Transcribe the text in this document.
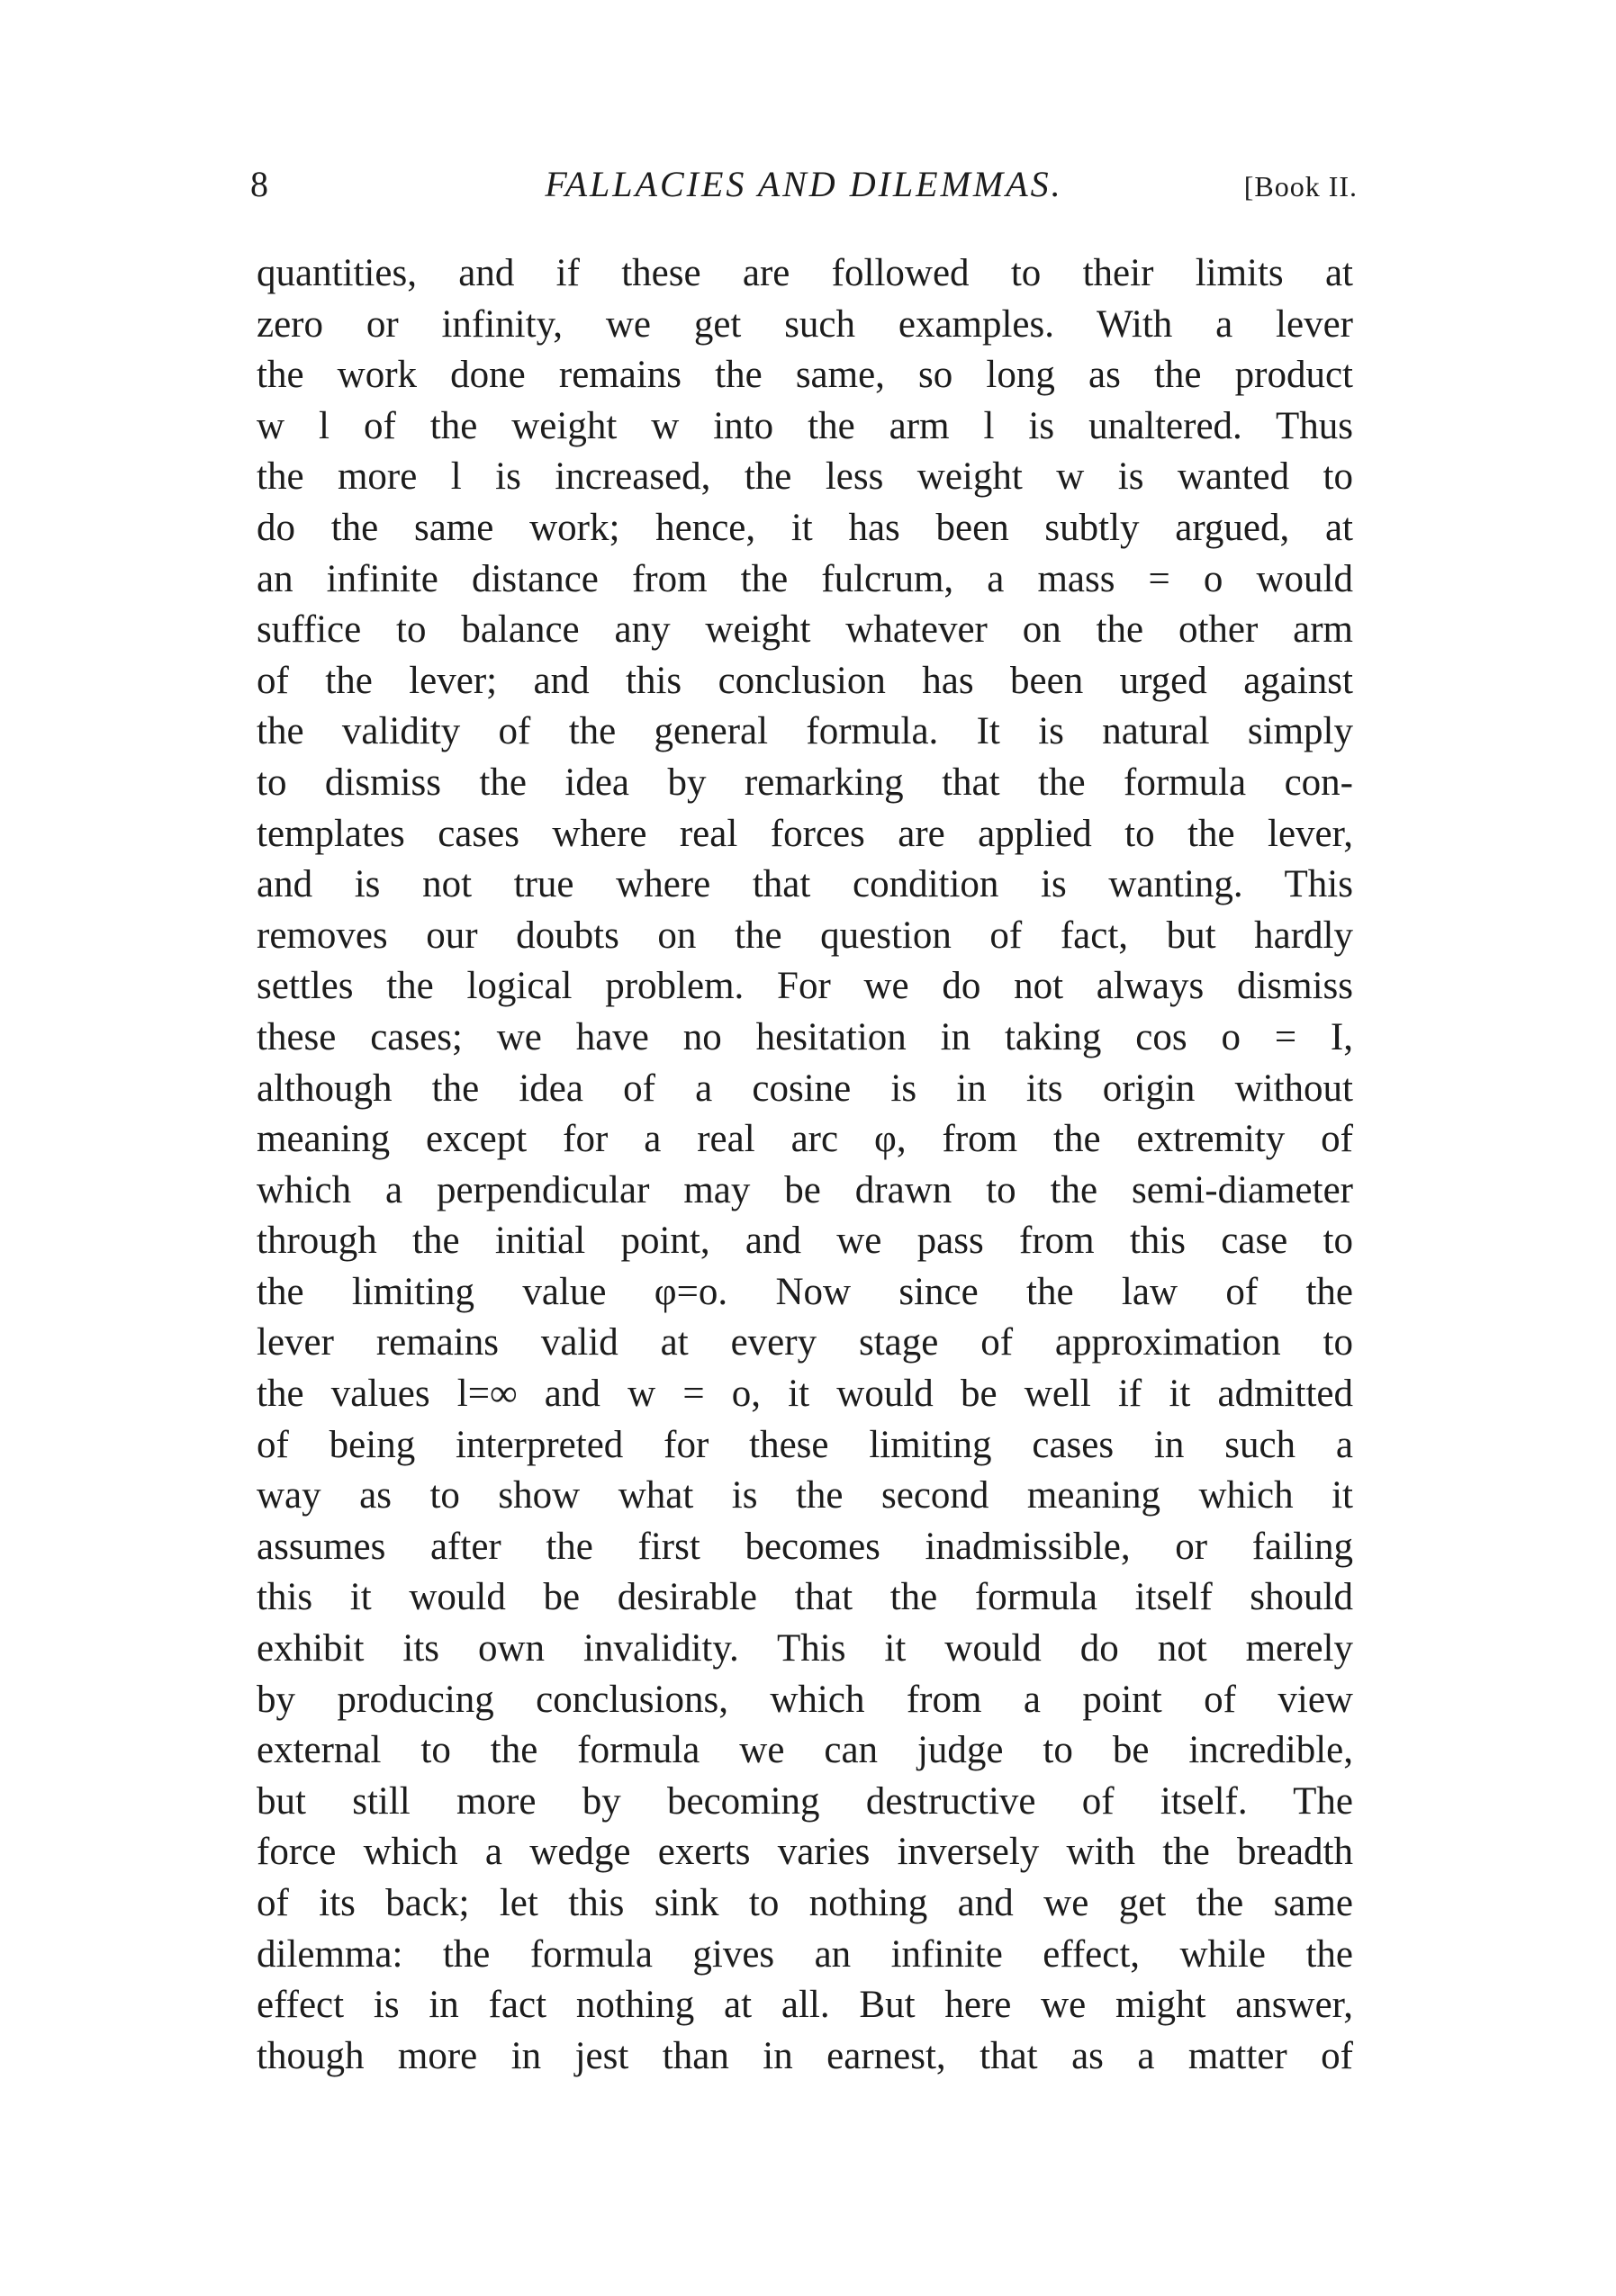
8	FALLACIES AND DILEMMAS.	[Book II.
quantities, and if these are followed to their limits at
zero or infinity, we get such examples. With a lever
the work done remains the same, so long as the product
w l of the weight w into the arm l is unaltered. Thus
the more l is increased, the less weight w is wanted to
do the same work; hence, it has been subtly argued, at
an infinite distance from the fulcrum, a mass = o would
suffice to balance any weight whatever on the other arm
of the lever; and this conclusion has been urged against
the validity of the general formula. It is natural simply
to dismiss the idea by remarking that the formula con-
templates cases where real forces are applied to the lever,
and is not true where that condition is wanting. This
removes our doubts on the question of fact, but hardly
settles the logical problem. For we do not always dismiss
these cases; we have no hesitation in taking cos o = I,
although the idea of a cosine is in its origin without
meaning except for a real arc φ, from the extremity of
which a perpendicular may be drawn to the semi-diameter
through the initial point, and we pass from this case to
the limiting value φ=o. Now since the law of the
lever remains valid at every stage of approximation to
the values l=∞ and w = o, it would be well if it admitted
of being interpreted for these limiting cases in such a
way as to show what is the second meaning which it
assumes after the first becomes inadmissible, or failing
this it would be desirable that the formula itself should
exhibit its own invalidity. This it would do not merely
by producing conclusions, which from a point of view
external to the formula we can judge to be incredible,
but still more by becoming destructive of itself. The
force which a wedge exerts varies inversely with the breadth
of its back; let this sink to nothing and we get the same
dilemma: the formula gives an infinite effect, while the
effect is in fact nothing at all. But here we might answer,
though more in jest than in earnest, that as a matter of
